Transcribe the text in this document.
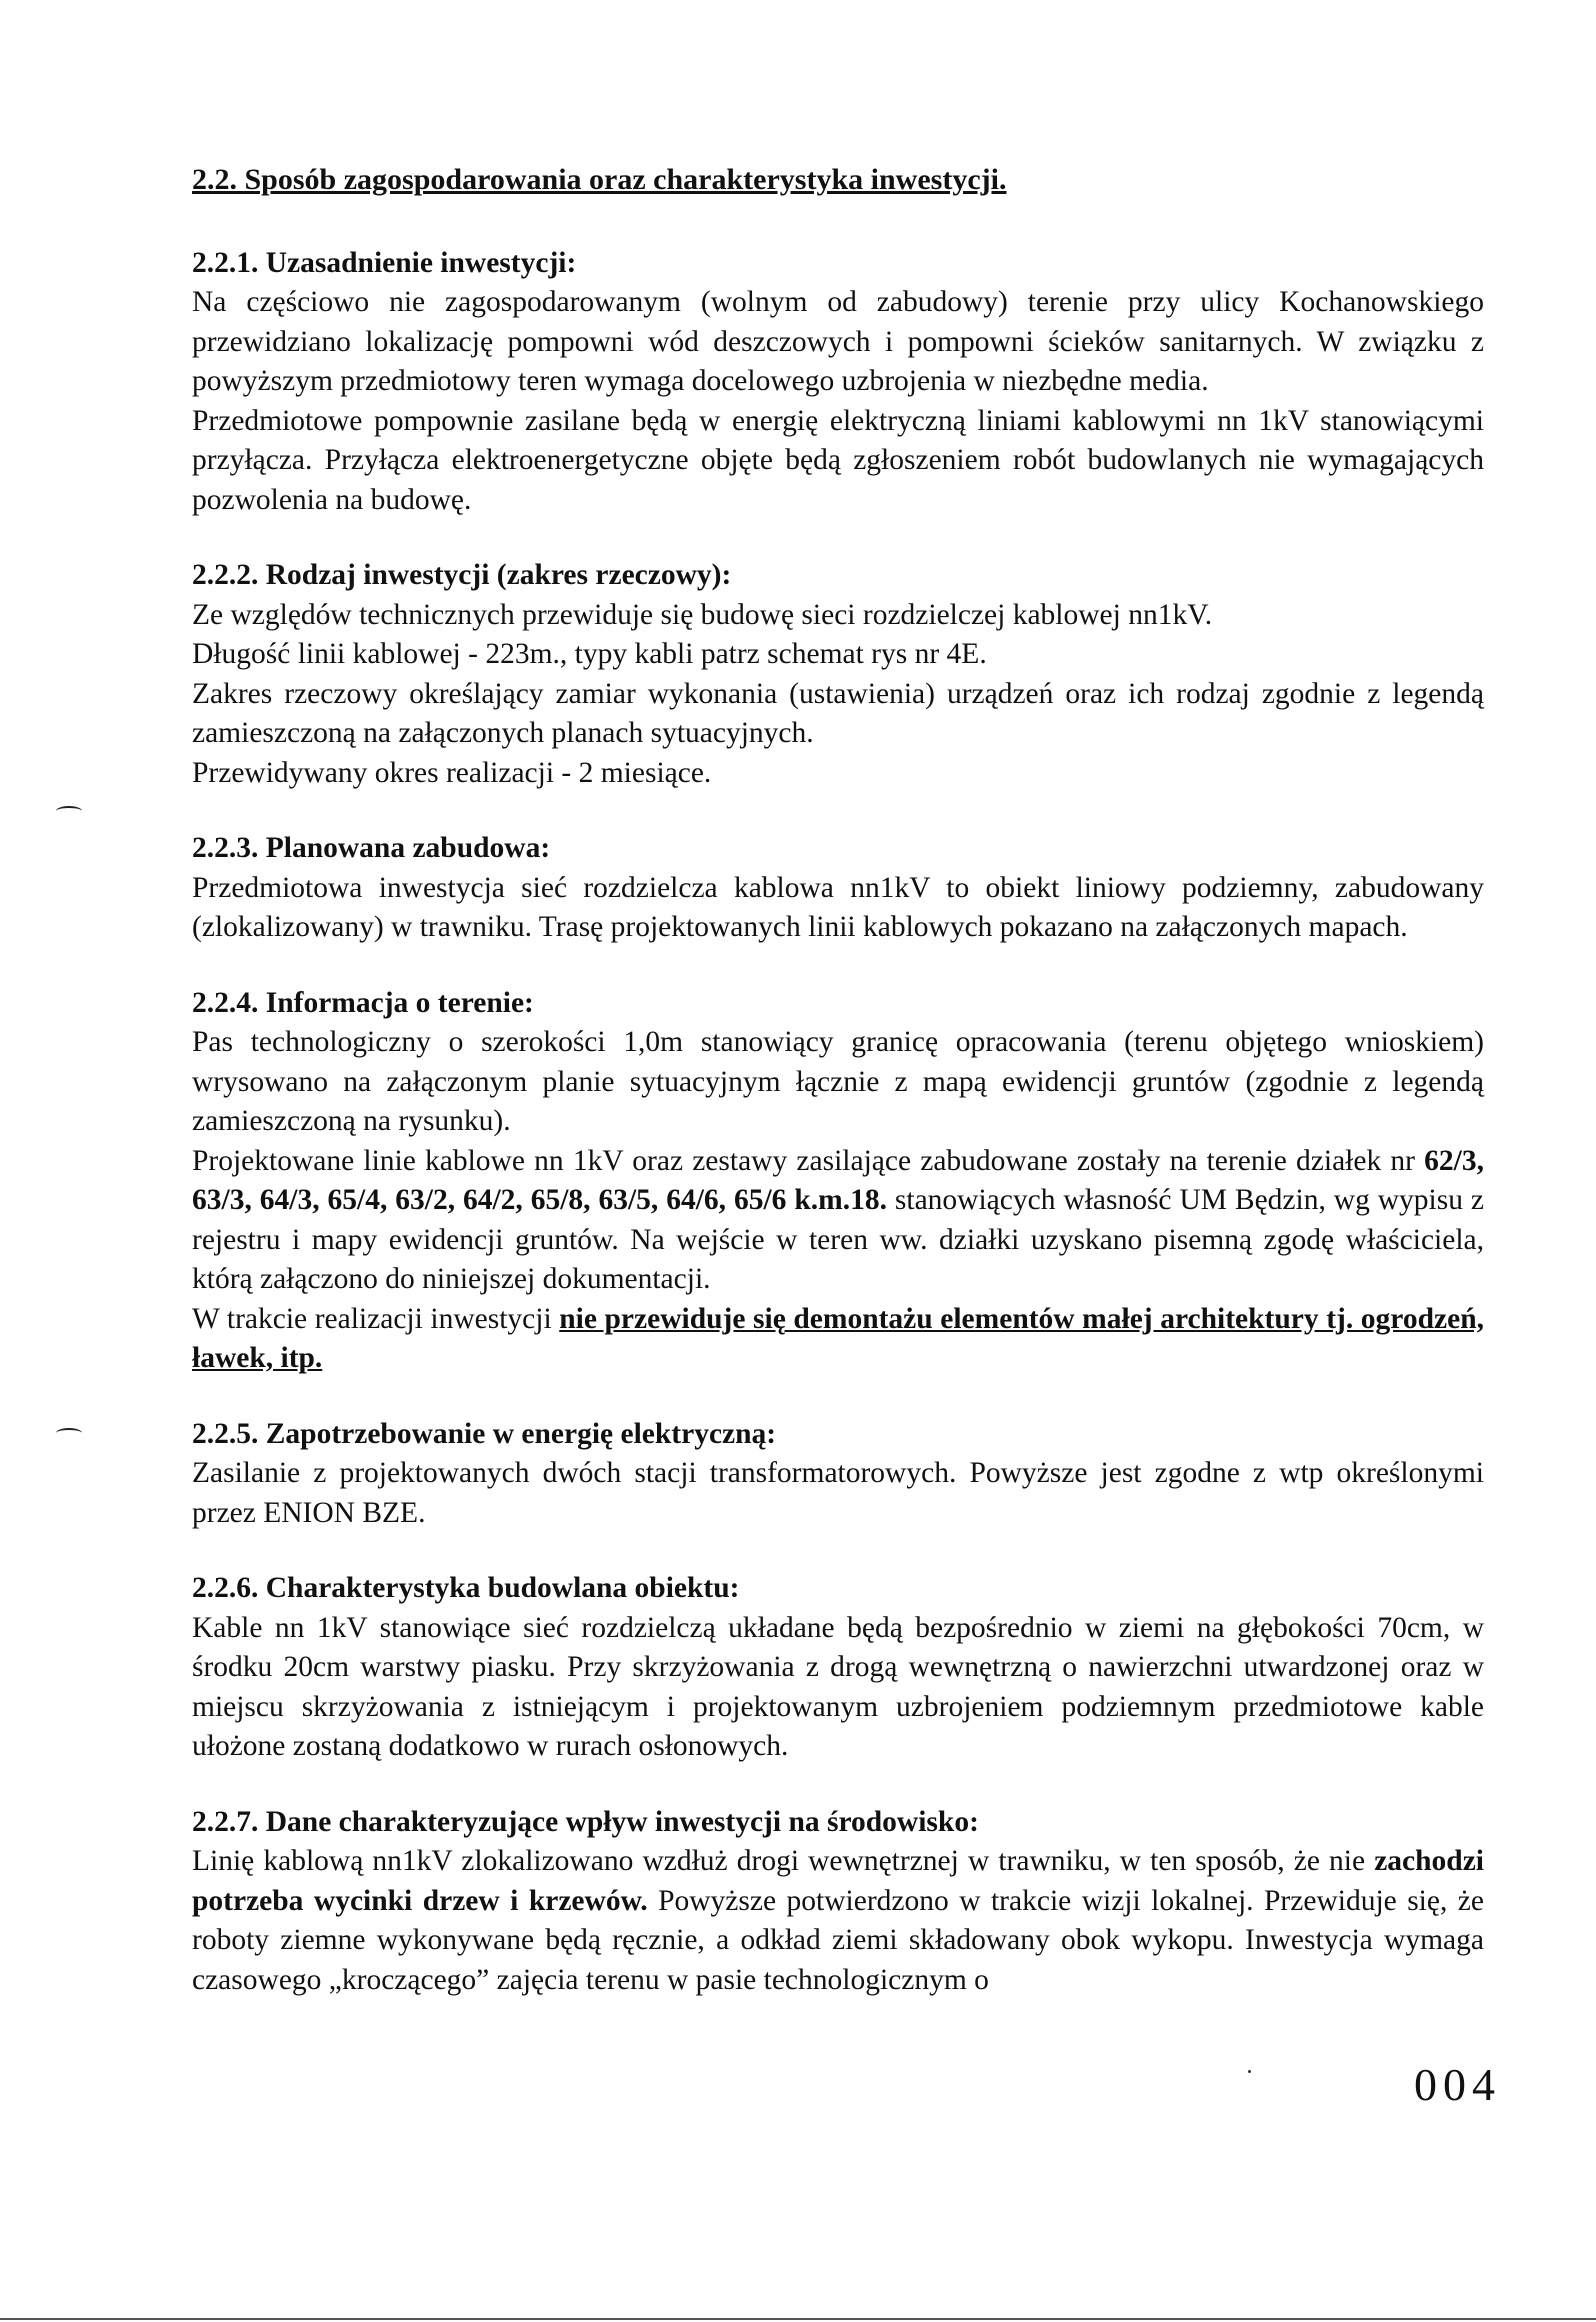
2.2. Sposób zagospodarowania oraz charakterystyka inwestycji.

2.2.1. Uzasadnienie inwestycji:

Na częściowo nie zagospodarowanym (wolnym od zabudowy) terenie przy ulicy Kochanowskiego przewidziano lokalizację pompowni wód deszczowych i pompowni ścieków sanitarnych. W związku z powyższym przedmiotowy teren wymaga docelowego uzbrojenia w niezbędne media.

Przedmiotowe pompownie zasilane będą w energię elektryczną liniami kablowymi nn 1kV stanowiącymi przyłącza. Przyłącza elektroenergetyczne objęte będą zgłoszeniem robót budowlanych nie wymagających pozwolenia na budowę.

2.2.2. Rodzaj inwestycji (zakres rzeczowy):

Ze względów technicznych przewiduje się budowę sieci rozdzielczej kablowej nn1kV.

Długość linii kablowej - 223m., typy kabli patrz schemat rys nr 4E.

Zakres rzeczowy określający zamiar wykonania (ustawienia) urządzeń oraz ich rodzaj zgodnie z legendą zamieszczoną na załączonych planach sytuacyjnych.

Przewidywany okres realizacji - 2 miesiące.

2.2.3. Planowana zabudowa:

Przedmiotowa inwestycja sieć rozdzielcza kablowa nn1kV to obiekt liniowy podziemny, zabudowany (zlokalizowany) w trawniku. Trasę projektowanych linii kablowych pokazano na załączonych mapach.

2.2.4. Informacja o terenie:

Pas technologiczny o szerokości 1,0m stanowiący granicę opracowania (terenu objętego wnioskiem) wrysowano na załączonym planie sytuacyjnym łącznie z mapą ewidencji gruntów (zgodnie z legendą zamieszczoną na rysunku).

Projektowane linie kablowe nn 1kV oraz zestawy zasilające zabudowane zostały na terenie działek nr 62/3, 63/3, 64/3, 65/4, 63/2, 64/2, 65/8, 63/5, 64/6, 65/6 k.m.18. stanowiących własność UM Będzin, wg wypisu z rejestru i mapy ewidencji gruntów. Na wejście w teren ww. działki uzyskano pisemną zgodę właściciela, którą załączono do niniejszej dokumentacji.

W trakcie realizacji inwestycji nie przewiduje się demontażu elementów małej architektury tj. ogrodzeń, ławek, itp.

2.2.5. Zapotrzebowanie w energię elektryczną:

Zasilanie z projektowanych dwóch stacji transformatorowych. Powyższe jest zgodne z wtp określonymi przez ENION BZE.

2.2.6. Charakterystyka budowlana obiektu:

Kable nn 1kV stanowiące sieć rozdzielczą układane będą bezpośrednio w ziemi na głębokości 70cm, w środku 20cm warstwy piasku. Przy skrzyżowania z drogą wewnętrzną o nawierzchni utwardzonej oraz w miejscu skrzyżowania z istniejącym i projektowanym uzbrojeniem podziemnym przedmiotowe kable ułożone zostaną dodatkowo w rurach osłonowych.

2.2.7. Dane charakteryzujące wpływ inwestycji na środowisko:

Linię kablową nn1kV zlokalizowano wzdłuż drogi wewnętrznej w trawniku, w ten sposób, że nie zachodzi potrzeba wycinki drzew i krzewów. Powyższe potwierdzono w trakcie wizji lokalnej. Przewiduje się, że roboty ziemne wykonywane będą ręcznie, a odkład ziemi składowany obok wykopu. Inwestycja wymaga czasowego „kroczącego” zajęcia terenu w pasie technologicznym o

004
